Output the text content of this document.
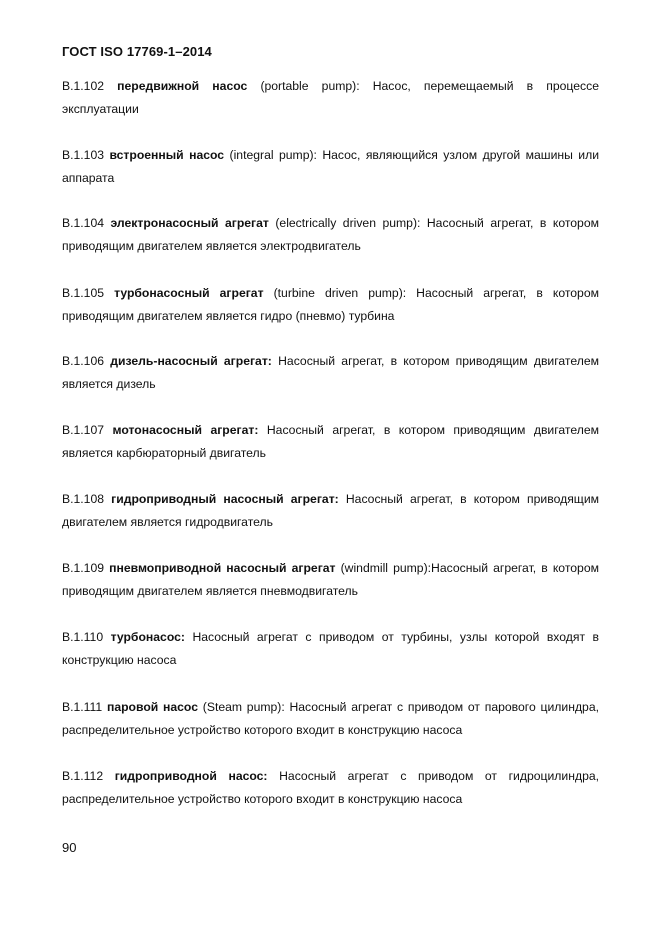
ГОСТ ISO 17769-1–2014
В.1.102 передвижной насос (portable pump): Насос, перемещаемый в процессе эксплуатации
В.1.103 встроенный насос (integral pump): Насос, являющийся узлом другой машины или аппарата
В.1.104 электронасосный агрегат (electrically driven pump): Насосный агрегат, в котором приводящим двигателем является электродвигатель
В.1.105 турбонасосный агрегат (turbine driven pump): Насосный агрегат, в котором приводящим двигателем является гидро (пневмо) турбина
В.1.106 дизель-насосный агрегат: Насосный агрегат, в котором приводящим двигателем является дизель
В.1.107 мотонасосный агрегат: Насосный агрегат, в котором приводящим двигателем является карбюраторный двигатель
В.1.108 гидроприводный насосный агрегат: Насосный агрегат, в котором приводящим двигателем является гидродвигатель
В.1.109 пневмоприводной насосный агрегат (windmill pump):Насосный агрегат, в котором приводящим двигателем является пневмодвигатель
В.1.110 турбонасос: Насосный агрегат с приводом от турбины, узлы которой входят в конструкцию насоса
В.1.111 паровой насос (Steam pump): Насосный агрегат с приводом от парового цилиндра, распределительное устройство которого входит в конструкцию насоса
В.1.112 гидроприводной насос: Насосный агрегат с приводом от гидроцилиндра, распределительное устройство которого входит в конструкцию насоса
90
